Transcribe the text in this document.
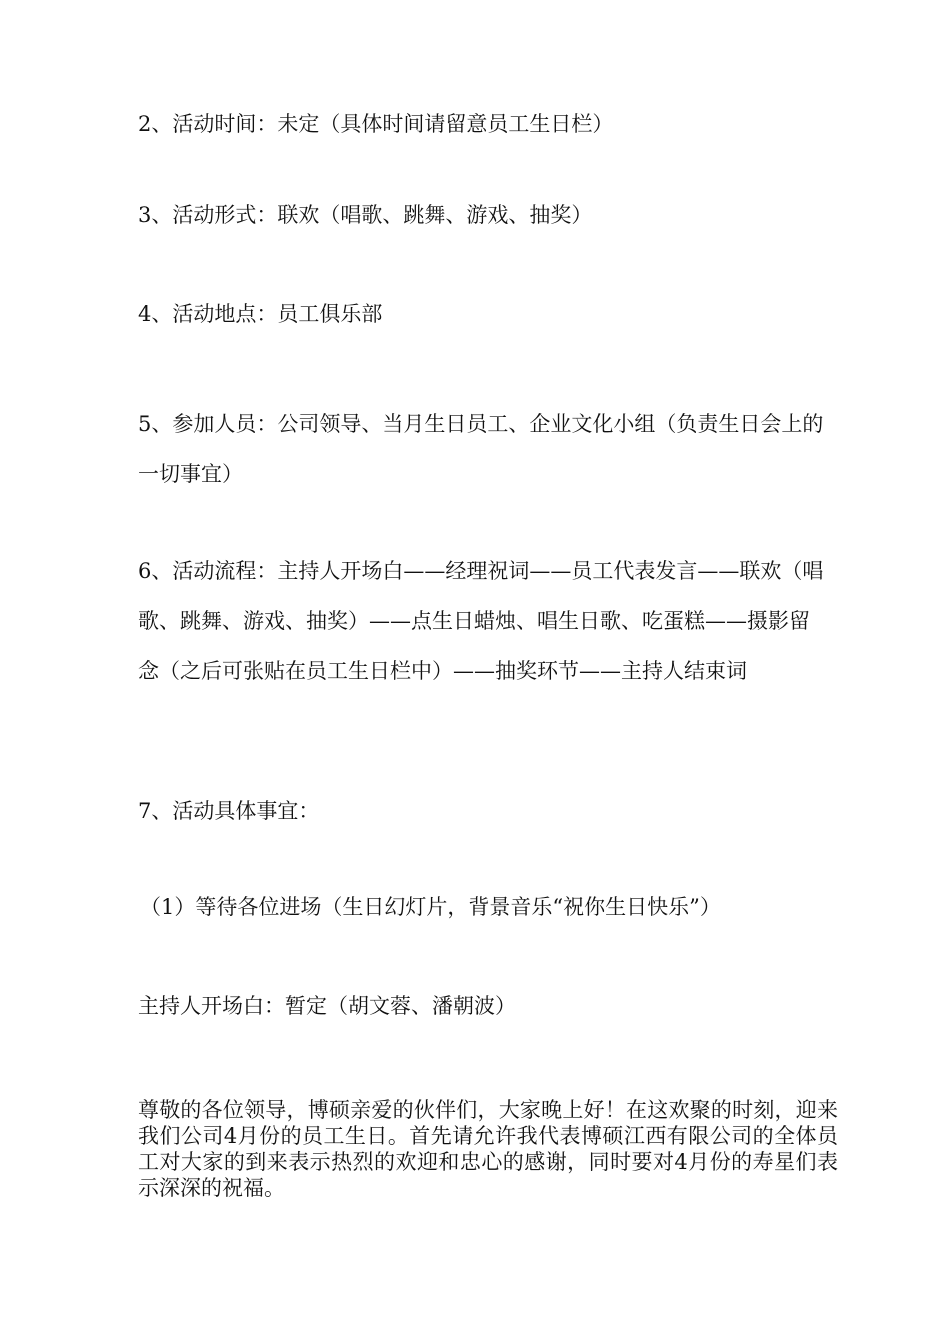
2、活动时间：未定（具体时间请留意员工生日栏）
3、活动形式：联欢（唱歌、跳舞、游戏、抽奖）
4、活动地点：员工俱乐部
5、参加人员：公司领导、当月生日员工、企业文化小组（负责生日会上的一切事宜）
6、活动流程：主持人开场白——经理祝词——员工代表发言——联欢（唱歌、跳舞、游戏、抽奖）——点生日蜡烛、唱生日歌、吃蛋糕——摄影留念（之后可张贴在员工生日栏中）——抽奖环节——主持人结束词
7、活动具体事宜：
（1）等待各位进场（生日幻灯片，背景音乐“祝你生日快乐”）
主持人开场白：暂定（胡文蓉、潘朝波）
尊敬的各位领导，博硕亲爱的伙伴们，大家晚上好！在这欢聚的时刻，迎来我们公司4月份的员工生日。首先请允许我代表博硕江西有限公司的全体员工对大家的到来表示热烈的欢迎和忠心的感谢，同时要对4月份的寿星们表示深深的祝福。
